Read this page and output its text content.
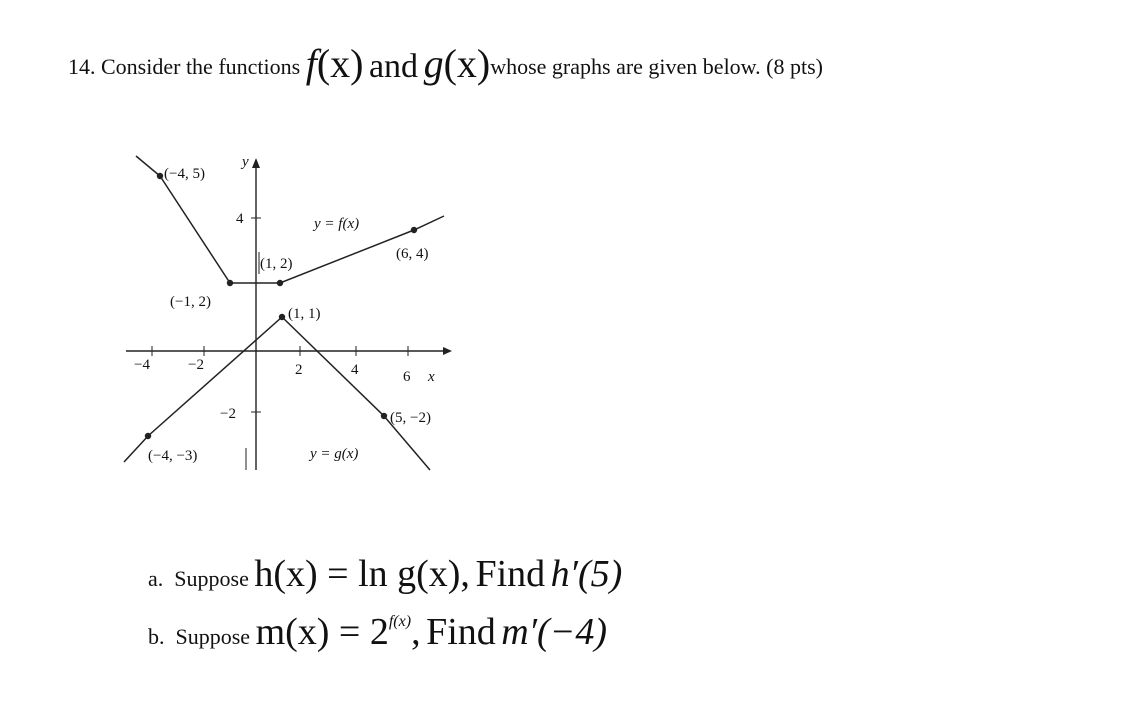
14. Consider the functions f(x) and g(x)whose graphs are given below. (8 pts)
(−4, 5)
y
4	y = f(x)
(1, 2)
(6, 4)
(−1, 2)
(1, 1)
−4	−2	2	4	6 x
−2	(5, −2)
(−4, −3)	y = g(x)
a. Suppose h(x) = ln g(x), Find h′(5)
b. Suppose $m(x) = 2^{f(x)}$, Find m′(−4)
